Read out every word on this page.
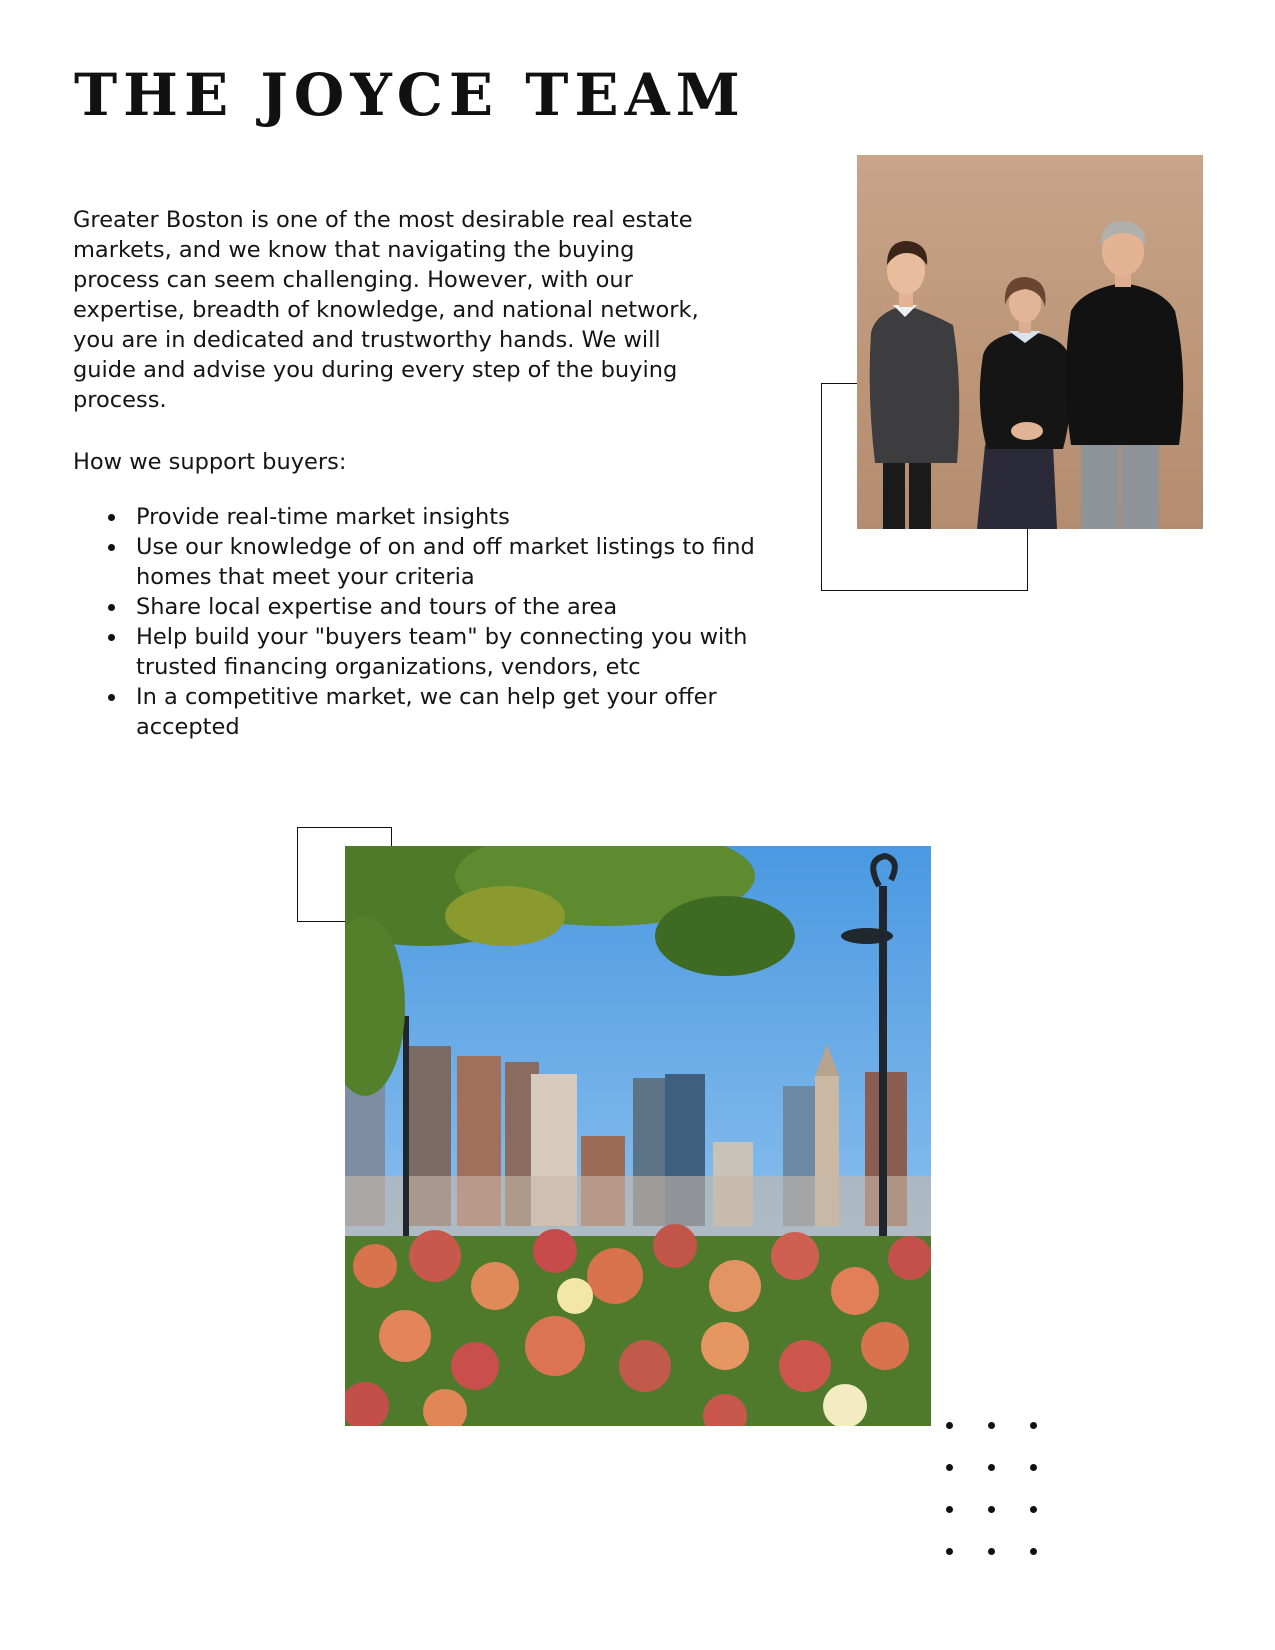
THE JOYCE TEAM

Greater Boston is one of the most desirable real estate markets, and we know that navigating the buying process can seem challenging. However, with our expertise, breadth of knowledge, and national network, you are in dedicated and trustworthy hands. We will guide and advise you during every step of the buying process.

How we support buyers:

Provide real-time market insights
Use our knowledge of on and off market listings to find homes that meet your criteria
Share local expertise and tours of the area
Help build your "buyers team" by connecting you with trusted financing organizations, vendors, etc
In a competitive market, we can help get your offer accepted
